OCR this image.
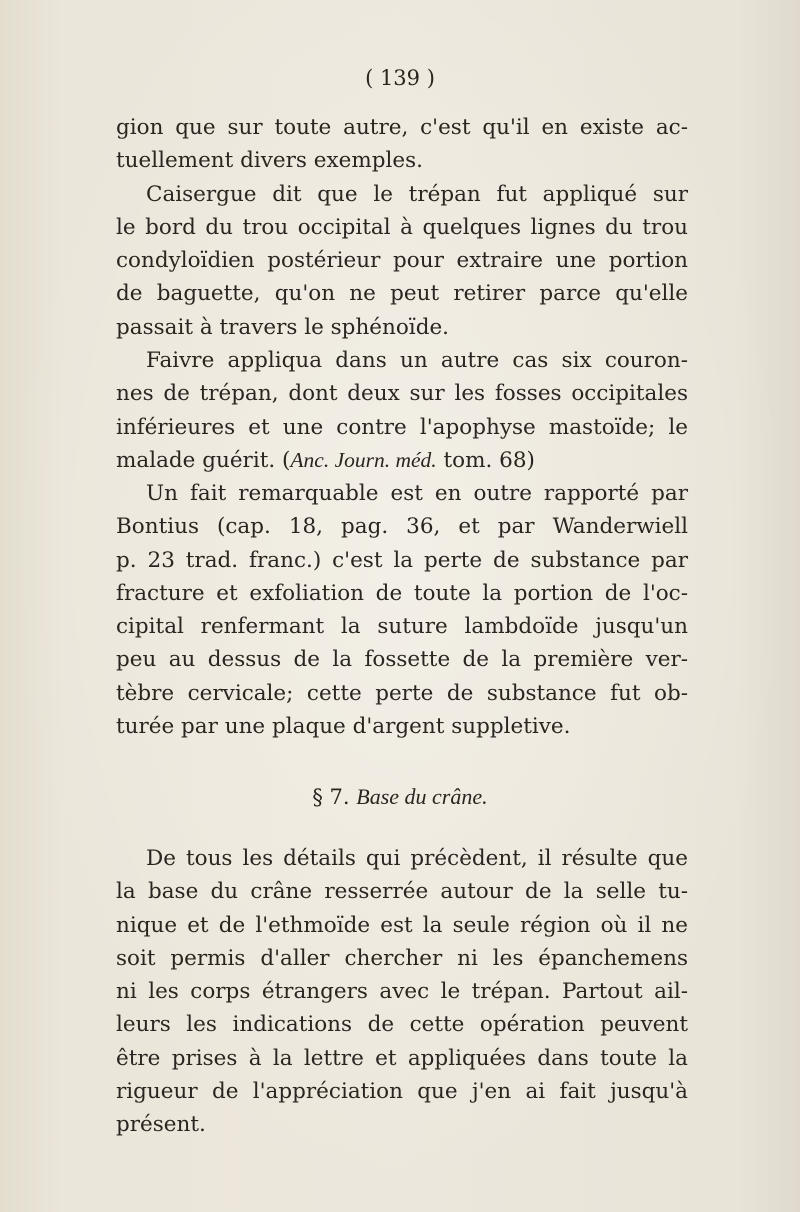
( 139 )
gion que sur toute autre, c'est qu'il en existe ac-
tuellement divers exemples.
Caisergue dit que le trépan fut appliqué sur
le bord du trou occipital à quelques lignes du trou
condyloïdien postérieur pour extraire une portion
de baguette, qu'on ne peut retirer parce qu'elle
passait à travers le sphénoïde.
Faivre appliqua dans un autre cas six couron-
nes de trépan, dont deux sur les fosses occipitales
inférieures et une contre l'apophyse mastoïde; le
malade guérit. (Anc. Journ. méd. tom. 68)
Un fait remarquable est en outre rapporté par
Bontius (cap. 18, pag. 36, et par Wanderwiell
p. 23 trad. franc.) c'est la perte de substance par
fracture et exfoliation de toute la portion de l'oc-
cipital renfermant la suture lambdoïde jusqu'un
peu au dessus de la fossette de la première ver-
tèbre cervicale; cette perte de substance fut ob-
turée par une plaque d'argent suppletive.
§ 7. Base du crâne.
De tous les détails qui précèdent, il résulte que
la base du crâne resserrée autour de la selle tu-
nique et de l'ethmoïde est la seule région où il ne
soit permis d'aller chercher ni les épanchemens
ni les corps étrangers avec le trépan. Partout ail-
leurs les indications de cette opération peuvent
être prises à la lettre et appliquées dans toute la
rigueur de l'appréciation que j'en ai fait jusqu'à
présent.
